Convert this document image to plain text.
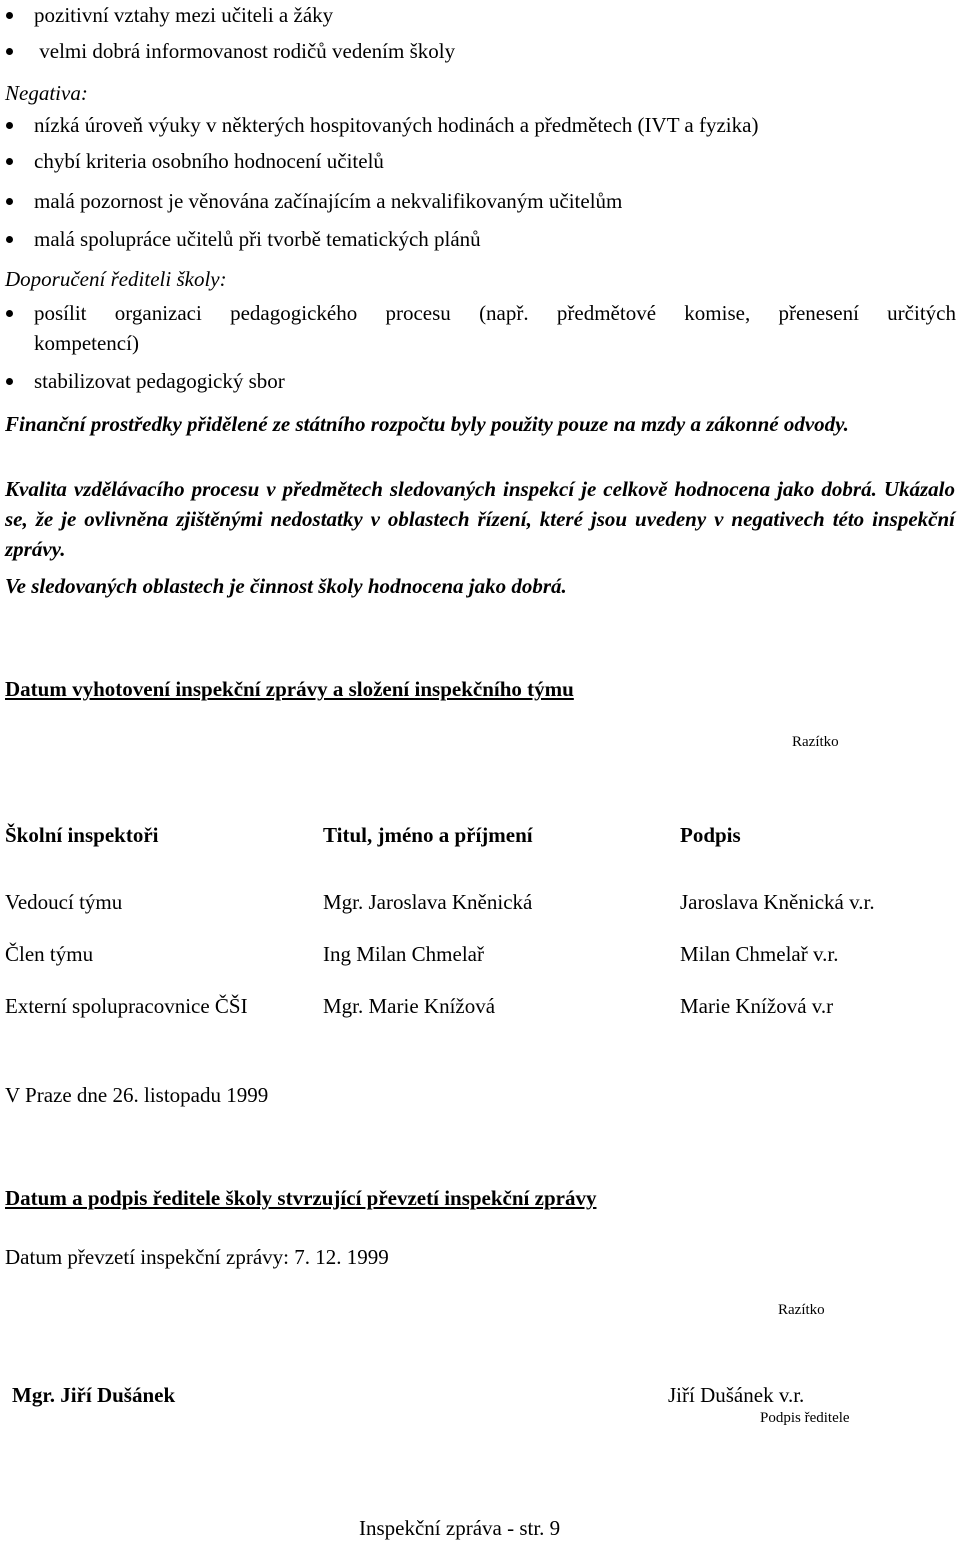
pozitivní vztahy mezi učiteli a žáky
velmi dobrá informovanost rodičů vedením školy
Negativa:
nízká úroveň výuky v některých hospitovaných hodinách a předmětech (IVT a fyzika)
chybí kriteria osobního hodnocení učitelů
malá pozornost je věnována začínajícím a nekvalifikovaným učitelům
malá spolupráce učitelů při tvorbě tematických plánů
Doporučení řediteli školy:
posílit organizaci pedagogického procesu (např. předmětové komise, přenesení určitých
kompetencí)
stabilizovat pedagogický sbor
Finanční prostředky přidělené ze státního rozpočtu byly použity pouze na mzdy a zákonné odvody.
Kvalita vzdělávacího procesu v předmětech sledovaných inspekcí je celkově hodnocena jako dobrá. Ukázalo se, že je ovlivněna zjištěnými nedostatky v oblastech řízení, které jsou uvedeny v negativech této inspekční zprávy.
Ve sledovaných oblastech je činnost školy hodnocena jako dobrá.
Datum vyhotovení inspekční zprávy a složení inspekčního týmu
Razítko
Školní inspektoři	Titul, jméno a příjmení	Podpis
Vedoucí týmu	Mgr. Jaroslava Kněnická	Jaroslava Kněnická v.r.
Člen týmu	Ing Milan Chmelař	Milan Chmelař v.r.
Externí spolupracovnice ČŠI	Mgr. Marie Knížová	Marie Knížová v.r
V Praze dne 26. listopadu 1999
Datum a podpis ředitele školy stvrzující převzetí inspekční zprávy
Datum převzetí inspekční zprávy: 7. 12. 1999
Razítko
Mgr. Jiří Dušánek	Jiří Dušánek v.r.
Podpis ředitele
Inspekční zpráva - str. 9
